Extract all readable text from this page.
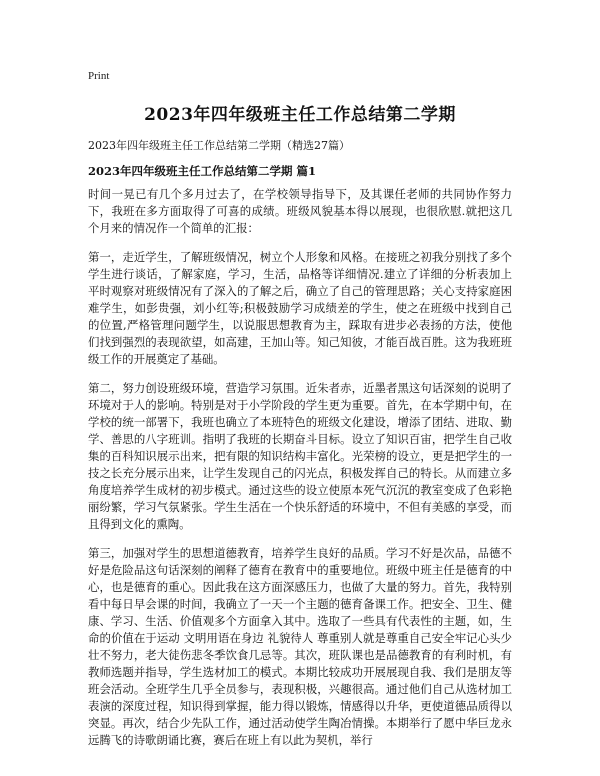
Print
2023年四年级班主任工作总结第二学期
2023年四年级班主任工作总结第二学期（精选27篇）
2023年四年级班主任工作总结第二学期 篇1

时间一晃已有几个多月过去了，在学校领导指导下，及其课任老师的共同协作努力下，我班在多方面取得了可喜的成绩。班级风貌基本得以展现，也很欣慰.就把这几个月来的情况作一个简单的汇报：

第一，走近学生，了解班级情况，树立个人形象和风格。在接班之初我分别找了多个学生进行谈话，了解家庭，学习，生活，品格等详细情况.建立了详细的分析表加上平时观察对班级情况有了深入的了解之后，确立了自己的管理思路；关心支持家庭困难学生，如彭贵强，刘小红等;积极鼓励学习成绩差的学生，使之在班级中找到自己的位置,严格管理问题学生，以说服思想教育为主，踩取有进步必表扬的方法，使他们找到强烈的表现欲望，如高建，王加山等。知己知彼，才能百战百胜。这为我班班级工作的开展奠定了基础。

第二，努力创设班级环境，营造学习氛围。近朱者赤，近墨者黑这句话深刻的说明了环境对于人的影响。特别是对于小学阶段的学生更为重要。首先，在本学期中旬，在学校的统一部署下，我班也确立了本班特色的班级文化建设，增添了团结、进取、勤学、善思的八字班训。指明了我班的长期奋斗目标。设立了知识百宙，把学生自己收集的百科知识展示出来，把有限的知识结构丰富化。光荣榜的设立，更是把学生的一技之长充分展示出来，让学生发现自己的闪光点，积极发挥自己的特长。从而建立多角度培养学生成材的初步模式。通过这些的设立使原本死气沉沉的教室变成了色彩艳丽纷繁，学习气氛紧张。学生生活在一个快乐舒适的环境中，不但有美感的享受，而且得到文化的熏陶。

第三，加强对学生的思想道德教育，培养学生良好的品质。学习不好是次品，品德不好是危险品这句话深刻的阐释了德育在教育中的重要地位。班级中班主任是德育的中心，也是德育的重心。因此我在这方面深感压力，也做了大量的努力。首先，我特别看中每日早会课的时间，我确立了一天一个主题的德育备课工作。把安全、卫生、健康、学习、生活、价值观多个方面拿入其中。选取了一些具有代表性的主题，如，生命的价值在于运动 文明用语在身边 礼貌待人 尊重别人就是尊重自己安全牢记心头少壮不努力，老大徒伤悲冬季饮食几忌等。其次，班队课也是品德教育的有利时机，有教师选题并指导，学生选材加工的模式。本期比较成功开展展现自我、我们是朋友等班会活动。全班学生几乎全员参与，表现积极，兴趣很高。通过他们自己从选材加工表演的深度过程，知识得到掌握，能力得以锻炼，情感得以升华，更使道德品质得以突显。再次，结合少先队工作，通过活动使学生陶冶情操。本期举行了愿中华巨龙永远腾飞的诗歌朗诵比赛，赛后在班上有以此为契机，举行
